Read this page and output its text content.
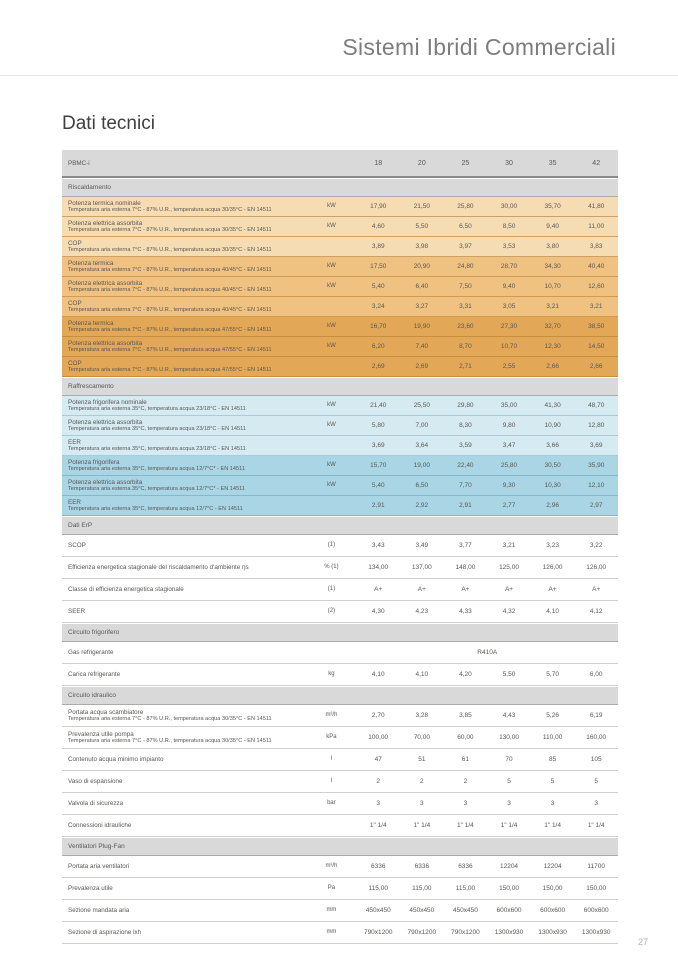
Sistemi Ibridi Commerciali
Dati tecnici
PBMC-i	18	20	25	30	35	42
Riscaldamento
Potenza termica nominale
Temperatura aria esterna 7°C - 87% U.R., temperatura acqua 30/35°C - EN 14511
kW	17,90	21,50	25,80	30,00	35,70	41,80
Potenza elettrica assorbita
Temperatura aria esterna 7°C - 87% U.R., temperatura acqua 30/35°C - EN 14511
kW	4,60	5,50	6,50	8,50	9,40	11,00
COP
Temperatura aria esterna 7°C - 87% U.R., temperatura acqua 30/35°C - EN 14511	3,89	3,98	3,97	3,53	3,80	3,83
Potenza termica
Temperatura aria esterna 7°C - 87% U.R., temperatura acqua 40/45°C - EN 14511
kW	17,50	20,90	24,80	28,70	34,30	40,40
Potenza elettrica assorbita
Temperatura aria esterna 7°C - 87% U.R., temperatura acqua 40/45°C - EN 14511
kW	5,40	6,40	7,50	9,40	10,70	12,60
COP
Temperatura aria esterna 7°C - 87% U.R., temperatura acqua 40/45°C - EN 14511	3,24	3,27	3,31	3,05	3,21	3,21
Potenza termica
Temperatura aria esterna 7°C - 87% U.R., temperatura acqua 47/55°C - EN 14511
kW	16,70	19,90	23,60	27,30	32,70	38,50
Potenza elettrica assorbita
Temperatura aria esterna 7°C - 87% U.R., temperatura acqua 47/55°C - EN 14511
kW	6,20	7,40	8,70	10,70	12,30	14,50
COP
Temperatura aria esterna 7°C - 87% U.R., temperatura acqua 47/55°C - EN 14511	2,69	2,69	2,71	2,55	2,66	2,66
Raffrescamento
Potenza frigorifera nominale
Temperatura aria esterna 35°C, temperatura acqua 23/18°C - EN 14511
kW	21,40	25,50	29,80	35,00	41,30	48,70
Potenza elettrica assorbita
Temperatura aria esterna 35°C, temperatura acqua 23/18°C - EN 14511
kW	5,80	7,00	8,30	9,80	10,90	12,80
EER
Temperatura aria esterna 35°C, temperatura acqua 23/18°C - EN 14511	3,69	3,64	3,59	3,47	3,66	3,69
Potenza frigorifera
Temperatura aria esterna 35°C, temperatura acqua 12/7°C* - EN 14511
kW	15,70	19,00	22,40	25,80	30,50	35,90
Potenza elettrica assorbita
Temperatura aria esterna 35°C, temperatura acqua 12/7°C* - EN 14511
kW	5,40	6,50	7,70	9,30	10,30	12,10
EER
Temperatura aria esterna 35°C, temperatura acqua 12/7°C - EN 14511	2,91	2,92	2,91	2,77	2,96	2,97
Dati ErP
SCOP	(1)	3,43	3,49	3,77	3,21	3,23	3,22
Efficienza energetica stagionale del riscaldamento d'ambiente ηs	% (1)	134,00	137,00	148,00	125,00	126,00	126,00
Classe di efficienza energetica stagionale	(1)	A+	A+	A+	A+	A+	A+
SEER	(2)	4,30	4,23	4,33	4,32	4,10	4,12
Circuito frigorifero
Gas refrigerante	R410A
Carica refrigerante	kg	4,10	4,10	4,20	5,50	5,70	6,00
Circuito idraulico
Portata acqua scambiatore
Temperatura aria esterna 7°C - 87% U.R., temperatura acqua 30/35°C - EN 14511
m³/h	2,70	3,28	3,85	4,43	5,26	6,19
Prevalenza utile pompa
Temperatura aria esterna 7°C - 87% U.R., temperatura acqua 30/35°C - EN 14511
kPa	100,00	70,00	60,00	130,00	110,00	160,00
Contenuto acqua minimo impianto	l	47	51	61	70	85	105
Vaso di espansione	l	2	2	2	5	5	5
Valvola di sicurezza	bar	3	3	3	3	3	3
Connessioni idrauliche	1" 1/4	1" 1/4	1" 1/4	1" 1/4	1" 1/4	1" 1/4
Ventilatori Plug-Fan
Portata aria ventilatori	m³/h	6336	6336	6336	12204	12204	11700
Prevalenza utile	Pa	115,00	115,00	115,00	150,00	150,00	150,00
Sezione mandata aria	mm	450x450	450x450	450x450	600x600	600x600	600x600
Sezione di aspirazione lxh	mm	790x1200	790x1200	790x1200	1300x930	1300x930	1300x930
27
